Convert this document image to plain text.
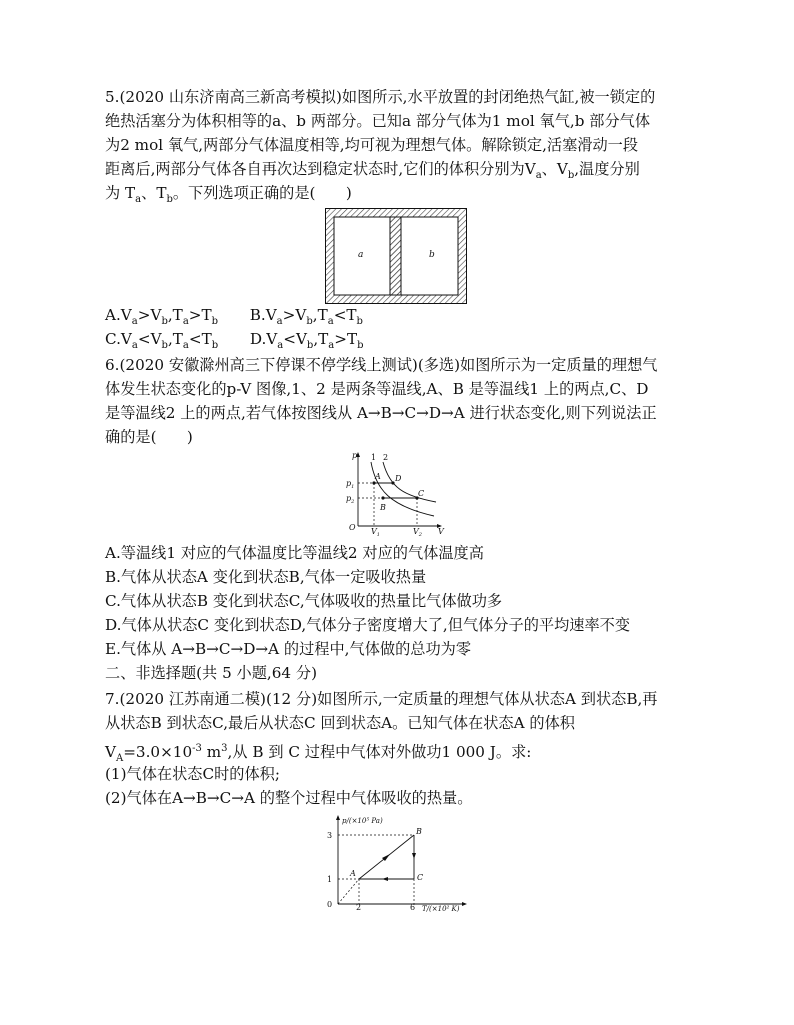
5.(2020 山东济南高三新高考模拟)如图所示,水平放置的封闭绝热气缸,被一锁定的
绝热活塞分为体积相等的a、b 两部分。已知a 部分气体为1 mol 氧气,b 部分气体
为2 mol 氧气,两部分气体温度相等,均可视为理想气体。解除锁定,活塞滑动一段
距离后,两部分气体各自再次达到稳定状态时,它们的体积分别为$V_a$、$V_b$,温度分别
为 $T_a$、$T_b$。下列选项正确的是(　　)
a	b
$A.V_a>V_b,T_a>T_b$ $B.V_a>V_b,T_a<T_b$
$C.V_a<V_b,T_a<T_b$ $D.V_a<V_b,T_a>T_b$
6.(2020 安徽滁州高三下停课不停学线上测试)(多选)如图所示为一定质量的理想气
体发生状态变化的p-V 图像,1、2 是两条等温线,A、B 是等温线1 上的两点,C、D
是等温线2 上的两点,若气体按图线从 A→B→C→D→A 进行状态变化,则下列说法正
确的是(　　)
p
V
O
1 2
A
B
C
D
$p_1$
$p_2$
$V_1$	$V_2$
A.等温线1 对应的气体温度比等温线2 对应的气体温度高
B.气体从状态A 变化到状态B,气体一定吸收热量
C.气体从状态B 变化到状态C,气体吸收的热量比气体做功多
D.气体从状态C 变化到状态D,气体分子密度增大了,但气体分子的平均速率不变
E.气体从 A→B→C→D→A 的过程中,气体做的总功为零
二、非选择题(共 5 小题,64 分)
7.(2020 江苏南通二模)(12 分)如图所示,一定质量的理想气体从状态A 到状态B,再
从状态B 到状态C,最后从状态C 回到状态A。已知气体在状态A 的体积
$V_A=3.0\times 10^{-3}$ $m^3$,从 B 到 C 过程中气体对外做功1 000 J。求:
(1)气体在状态C时的体积;
(2)气体在A→B→C→A 的整个过程中气体吸收的热量。
p/(×10⁵ Pa)
T/(×10² K)
0
3
1
2	6
A
B
C
